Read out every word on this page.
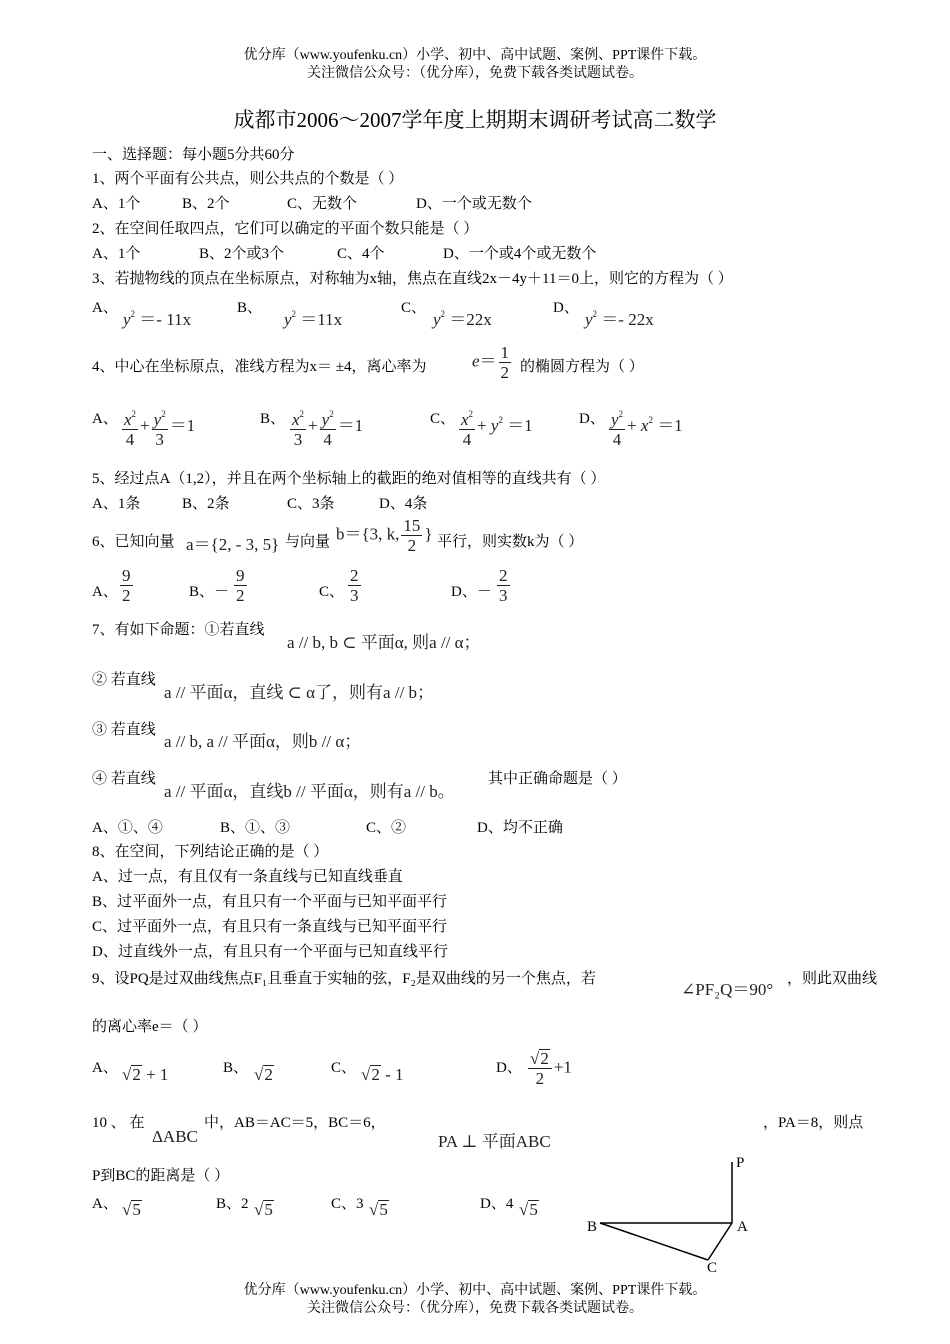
优分库（www.youfenku.cn）小学、初中、高中试题、案例、PPT课件下载。
关注微信公众号：（优分库），免费下载各类试题试卷。
成都市2006～2007学年度上期期末调研考试高二数学
一、选择题：每小题5分共60分
1、两个平面有公共点，则公共点的个数是（ ）
A、1个	B、2个	C、无数个	D、一个或无数个
2、在空间任取四点，它们可以确定的平面个数只能是（ ）
A、1个	B、2个或3个	C、4个	D、一个或4个或无数个
3、若抛物线的顶点在坐标原点，对称轴为x轴，焦点在直线2x－4y＋11＝0上，则它的方程为（ ）
A、
$y^2 =- 11x$
B、
$y^2 =11x$
C、
$y^2 =22x$
D、
$y^2 =- 22x$
4、中心在坐标原点，准线方程为x＝ ±4，离心率为	$e= \frac{1}{2}$ 的椭圆方程为（ ）
A、 $\frac{x^2}{4} + \frac{y^2}{3} =1$	B、 $\frac{x^2}{3} + \frac{y^2}{4} =1$	C、 $\frac{x^2}{4} + y^2 =1$	D、 $\frac{y^2}{4} + x^2 =1$
5、经过点A（1,2），并且在两个坐标轴上的截距的绝对值相等的直线共有（ ）
A、1条	B、2条	C、3条	D、4条
6、已知向量 a＝{2, - 3, 5} 与向量 b＝{3, k, $\frac{15}{2}$ } 平行，则实数k为（ ）
A、 $\frac{9}{2}$	B、－ $\frac{9}{2}$	C、 $\frac{2}{3}$	D、－ $\frac{2}{3}$
7、有如下命题：①若直线
a // b, b ⊂ 平面α, 则a // α；
② 若直线
a // 平面α，直线 ⊂ α了，则有a // b；
③ 若直线
a // b, a // 平面α，则b // α；
④ 若直线
a // 平面α，直线b // 平面α，则有a // b。
其中正确命题是（ ）
A、①、④	B、①、③	C、②	D、均不正确
8、在空间，下列结论正确的是（ ）
A、过一点，有且仅有一条直线与已知直线垂直
B、过平面外一点，有且只有一个平面与已知平面平行
C、过平面外一点，有且只有一条直线与已知平面平行
D、过直线外一点，有且只有一个平面与已知直线平行
9、设PQ是过双曲线焦点F₁且垂直于实轴的弦，F₂是双曲线的另一个焦点，若
∠PF₂Q＝90°
，则此双曲线
的离心率e＝（ ）
A、 √2 + 1	B、 √2	C、 √2 - 1	D、 $\frac{√2}{2} +1$
10 、 在
ΔABC
中，AB＝AC＝5，BC＝6，
PA ⊥ 平面ABC
，PA＝8，则点
P到BC的距离是（ ）
A、 √5	B、2 √5	C、3 √5	D、4 √5
P
A
B
C
优分库（www.youfenku.cn）小学、初中、高中试题、案例、PPT课件下载。
关注微信公众号：（优分库），免费下载各类试题试卷。
